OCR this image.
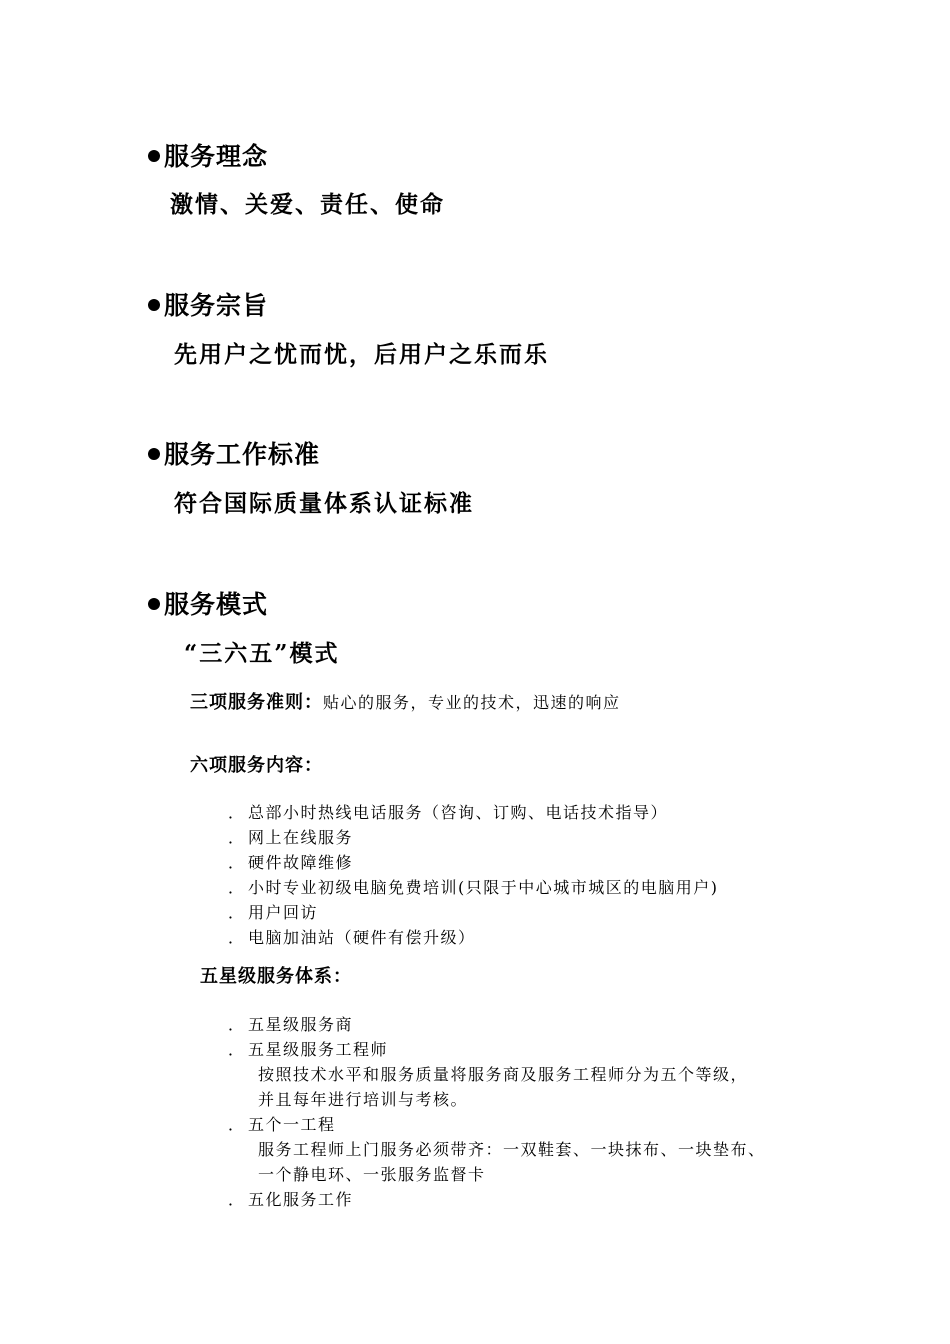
服务理念
激情、关爱、责任、使命
服务宗旨
先用户之忧而忧，后用户之乐而乐
服务工作标准
符合国际质量体系认证标准
服务模式
“三六五”模式
三项服务准则：贴心的服务，专业的技术，迅速的响应
六项服务内容：
． 总部小时热线电话服务（咨询、订购、电话技术指导）
． 网上在线服务
． 硬件故障维修
． 小时专业初级电脑免费培训(只限于中心城市城区的电脑用户)
． 用户回访
． 电脑加油站（硬件有偿升级）
五星级服务体系：
． 五星级服务商
． 五星级服务工程师
按照技术水平和服务质量将服务商及服务工程师分为五个等级，
并且每年进行培训与考核。
． 五个一工程
服务工程师上门服务必须带齐：一双鞋套、一块抹布、一块垫布、
一个静电环、一张服务监督卡
． 五化服务工作
